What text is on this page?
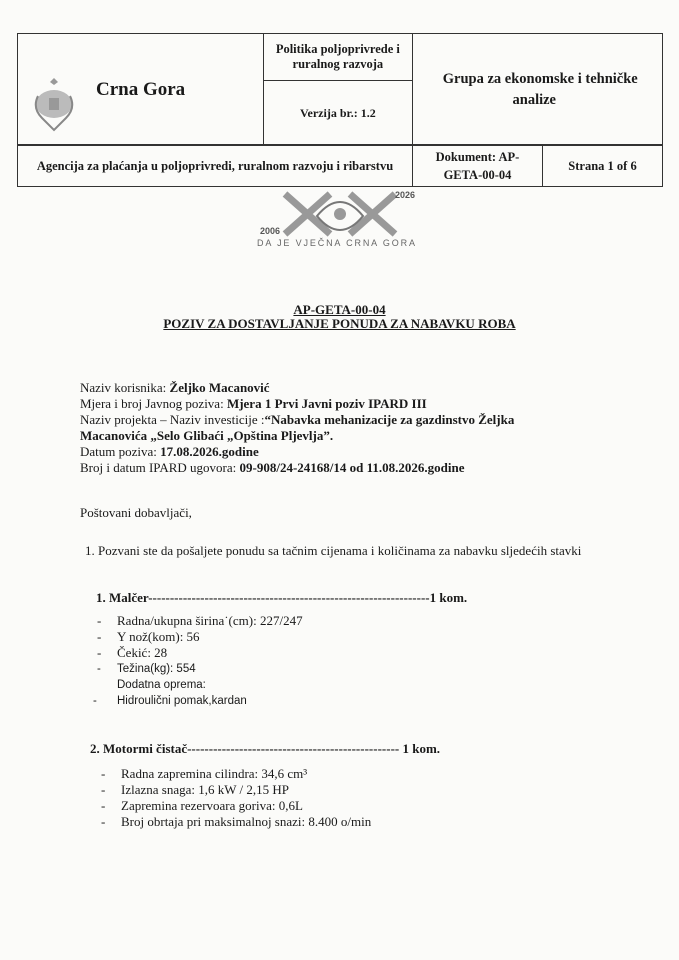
Crna Gora	
Politika poljoprivrede i ruralnog razvoja
Verzija br.: 1.2
	Grupa za ekonomske i tehničke analize
Agencija za plaćanja u poljoprivredi, ruralnom razvoju i ribarstvu	Dokument: AP-GETA-00-04	Strana 1 of 6
2006
2026
DA JE VJEČNA CRNA GORA
AP-GETA-00-04
POZIV ZA DOSTAVLJANJE PONUDA ZA NABAVKU ROBA
Naziv korisnika: Željko Macanović
Mjera i broj Javnog poziva: Mjera 1 Prvi Javni poziv IPARD III
Naziv projekta – Naziv investicije :“Nabavka mehanizacije za gazdinstvo Željka
Macanovića „Selo Glibaći „Opština Pljevlja”.
Datum poziva: 17.08.2026.godine
Broj i datum IPARD ugovora: 09-908/24-24168/14 od 11.08.2026.godine
Poštovani dobavljači,
1. Pozvani ste da pošaljete ponudu sa tačnim cijenama i količinama za nabavku sljedećih stavki
1. Malčer-----------------------------------------------------------------1 kom.
- Radna/ukupna širina˙(cm): 227/247
- Y nož(kom): 56
- Čekić: 28
- Težina(kg): 554
Dodatna oprema:
- Hidroulični pomak,kardan
2. Motormi čistač------------------------------------------------- 1 kom.
- Radna zapremina cilindra: 34,6 cm³
- Izlazna snaga: 1,6 kW / 2,15 HP
- Zapremina rezervoara goriva: 0,6L
- Broj obrtaja pri maksimalnoj snazi: 8.400 o/min
